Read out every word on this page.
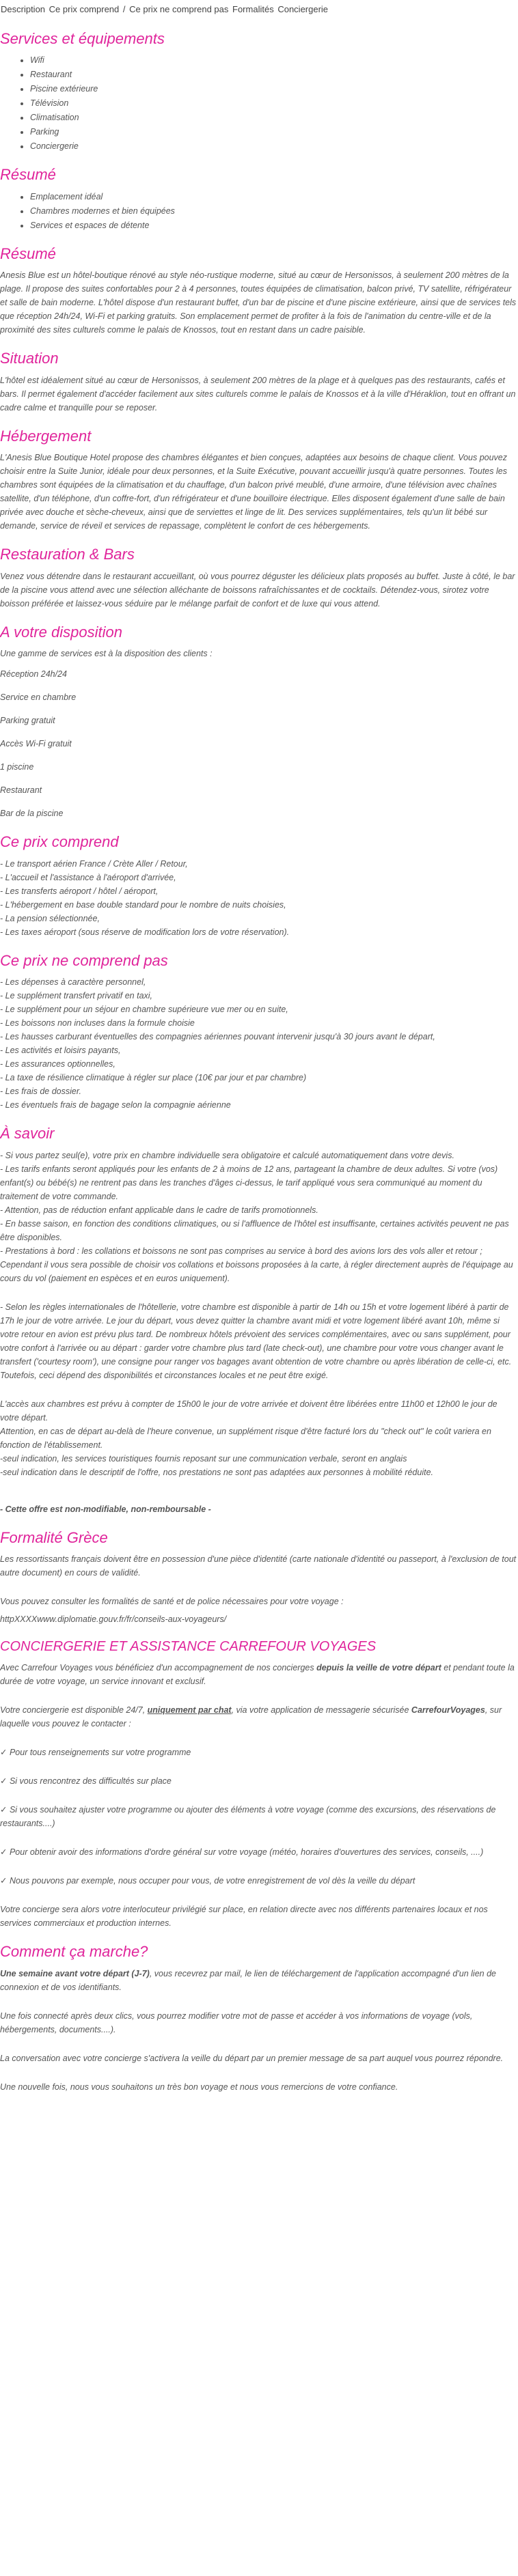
Description Ce prix comprend / Ce prix ne comprend pas Formalités Conciergerie
Services et équipements
• Wifi
• Restaurant
• Piscine extérieure
• Télévision
• Climatisation
• Parking
• Conciergerie
Résumé
• Emplacement idéal
• Chambres modernes et bien équipées
• Services et espaces de détente
Résumé

Anesis Blue est un hôtel-boutique rénové au style néo-rustique moderne, situé au cœur de Hersonissos, à seulement 200 mètres de la plage. Il propose des suites confortables pour 2 à 4 personnes, toutes équipées de climatisation, balcon privé, TV satellite, réfrigérateur et salle de bain moderne. L'hôtel dispose d'un restaurant buffet, d'un bar de piscine et d'une piscine extérieure, ainsi que de services tels que réception 24h/24, Wi-Fi et parking gratuits. Son emplacement permet de profiter à la fois de l'animation du centre-ville et de la proximité des sites culturels comme le palais de Knossos, tout en restant dans un cadre paisible.

Situation

L'hôtel est idéalement situé au cœur de Hersonissos, à seulement 200 mètres de la plage et à quelques pas des restaurants, cafés et bars. Il permet également d'accéder facilement aux sites culturels comme le palais de Knossos et à la ville d'Héraklion, tout en offrant un cadre calme et tranquille pour se reposer.

Hébergement

L'Anesis Blue Boutique Hotel propose des chambres élégantes et bien conçues, adaptées aux besoins de chaque client. Vous pouvez choisir entre la Suite Junior, idéale pour deux personnes, et la Suite Exécutive, pouvant accueillir jusqu'à quatre personnes. Toutes les chambres sont équipées de la climatisation et du chauffage, d'un balcon privé meublé, d'une armoire, d'une télévision avec chaînes satellite, d'un téléphone, d'un coffre-fort, d'un réfrigérateur et d'une bouilloire électrique. Elles disposent également d'une salle de bain privée avec douche et sèche-cheveux, ainsi que de serviettes et linge de lit. Des services supplémentaires, tels qu'un lit bébé sur demande, service de réveil et services de repassage, complètent le confort de ces hébergements.

Restauration & Bars

Venez vous détendre dans le restaurant accueillant, où vous pourrez déguster les délicieux plats proposés au buffet. Juste à côté, le bar de la piscine vous attend avec une sélection alléchante de boissons rafraîchissantes et de cocktails. Détendez-vous, sirotez votre boisson préférée et laissez-vous séduire par le mélange parfait de confort et de luxe qui vous attend.

A votre disposition

Une gamme de services est à la disposition des clients :

Réception 24h/24
Service en chambre
Parking gratuit
Accès Wi-Fi gratuit
1 piscine
Restaurant
Bar de la piscine
Ce prix comprend
- Le transport aérien France / Crète Aller / Retour,
- L'accueil et l'assistance à l'aéroport d'arrivée,
- Les transferts aéroport / hôtel / aéroport,
- L'hébergement en base double standard pour le nombre de nuits choisies,
- La pension sélectionnée,
- Les taxes aéroport (sous réserve de modification lors de votre réservation).
Ce prix ne comprend pas
- Les dépenses à caractère personnel,
- Le supplément transfert privatif en taxi,
- Le supplément pour un séjour en chambre supérieure vue mer ou en suite,
- Les boissons non incluses dans la formule choisie
- Les hausses carburant éventuelles des compagnies aériennes pouvant intervenir jusqu'à 30 jours avant le départ,
- Les activités et loisirs payants,
- Les assurances optionnelles,
- La taxe de résilience climatique à régler sur place (10€ par jour et par chambre)
- Les frais de dossier.
- Les éventuels frais de bagage selon la compagnie aérienne
À savoir

- Si vous partez seul(e), votre prix en chambre individuelle sera obligatoire et calculé automatiquement dans votre devis.
- Les tarifs enfants seront appliqués pour les enfants de 2 à moins de 12 ans, partageant la chambre de deux adultes. Si votre (vos) enfant(s) ou bébé(s) ne rentrent pas dans les tranches d'âges ci-dessus, le tarif appliqué vous sera communiqué au moment du traitement de votre commande.
- Attention, pas de réduction enfant applicable dans le cadre de tarifs promotionnels.
- En basse saison, en fonction des conditions climatiques, ou si l'affluence de l'hôtel est insuffisante, certaines activités peuvent ne pas être disponibles.
- Prestations à bord : les collations et boissons ne sont pas comprises au service à bord des avions lors des vols aller et retour ; Cependant il vous sera possible de choisir vos collations et boissons proposées à la carte, à régler directement auprès de l'équipage au cours du vol (paiement en espèces et en euros uniquement).

- Selon les règles internationales de l'hôtellerie, votre chambre est disponible à partir de 14h ou 15h et votre logement libéré à partir de 17h le jour de votre arrivée. Le jour du départ, vous devez quitter la chambre avant midi et votre logement libéré avant 10h, même si votre retour en avion est prévu plus tard. De nombreux hôtels prévoient des services complémentaires, avec ou sans supplément, pour votre confort à l'arrivée ou au départ : garder votre chambre plus tard (late check-out), une chambre pour votre vous changer avant le transfert ('courtesy room'), une consigne pour ranger vos bagages avant obtention de votre chambre ou après libération de celle-ci, etc. Toutefois, ceci dépend des disponibilités et circonstances locales et ne peut être exigé.

L'accès aux chambres est prévu à compter de 15h00 le jour de votre arrivée et doivent être libérées entre 11h00 et 12h00 le jour de votre départ.
Attention, en cas de départ au-delà de l'heure convenue, un supplément risque d'être facturé lors du "check out" le coût variera en fonction de l'établissement.
-seul indication, les services touristiques fournis reposant sur une communication verbale, seront en anglais
-seul indication dans le descriptif de l'offre, nos prestations ne sont pas adaptées aux personnes à mobilité réduite.

- Cette offre est non-modifiable, non-remboursable -

Formalité Grèce

Les ressortissants français doivent être en possession d'une pièce d'identité (carte nationale d'identité ou passeport, à l'exclusion de tout autre document) en cours de validité.

Vous pouvez consulter les formalités de santé et de police nécessaires pour votre voyage :

httpXXXXwww.diplomatie.gouv.fr/fr/conseils-aux-voyageurs/

CONCIERGERIE ET ASSISTANCE CARREFOUR VOYAGES

Avec Carrefour Voyages vous bénéficiez d'un accompagnement de nos concierges depuis la veille de votre départ et pendant toute la durée de votre voyage, un service innovant et exclusif.

Votre conciergerie est disponible 24/7, uniquement par chat, via votre application de messagerie sécurisée CarrefourVoyages, sur laquelle vous pouvez le contacter :

✓ Pour tous renseignements sur votre programme

✓ Si vous rencontrez des difficultés sur place

✓ Si vous souhaitez ajuster votre programme ou ajouter des éléments à votre voyage (comme des excursions, des réservations de restaurants....)

✓ Pour obtenir avoir des informations d'ordre général sur votre voyage (météo, horaires d'ouvertures des services, conseils, ....)

✓ Nous pouvons par exemple, nous occuper pour vous, de votre enregistrement de vol dès la veille du départ

Votre concierge sera alors votre interlocuteur privilégié sur place, en relation directe avec nos différents partenaires locaux et nos services commerciaux et production internes.

Comment ça marche?

Une semaine avant votre départ (J-7), vous recevrez par mail, le lien de téléchargement de l'application accompagné d'un lien de connexion et de vos identifiants.

Une fois connecté après deux clics, vous pourrez modifier votre mot de passe et accéder à vos informations de voyage (vols, hébergements, documents....).

La conversation avec votre concierge s'activera la veille du départ par un premier message de sa part auquel vous pourrez répondre.

Une nouvelle fois, nous vous souhaitons un très bon voyage et nous vous remercions de votre confiance.
